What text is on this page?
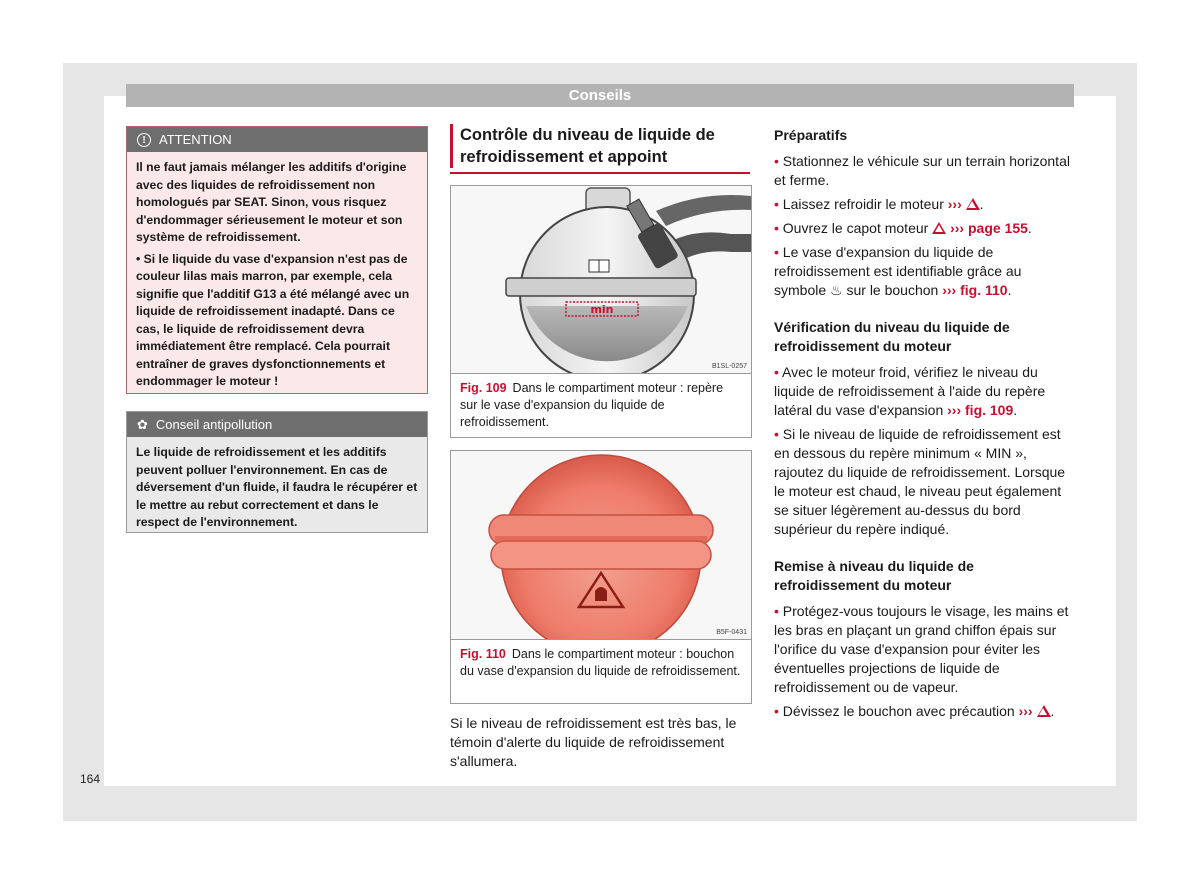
Conseils
!	ATTENTION

Il ne faut jamais mélanger les additifs d'origine avec des liquides de refroidissement non homologués par SEAT. Sinon, vous risquez d'endommager sérieusement le moteur et son système de refroidissement.

• Si le liquide du vase d'expansion n'est pas de couleur lilas mais marron, par exemple, cela signifie que l'additif G13 a été mélangé avec un liquide de refroidissement inadapté. Dans ce cas, le liquide de refroidissement devra immédiatement être remplacé. Cela pourrait entraîner de graves dysfonctionnements et endommager le moteur !

✿ Conseil antipollution

Le liquide de refroidissement et les additifs peuvent polluer l'environnement. En cas de déversement d'un fluide, il faudra le récupérer et le mettre au rebut correctement et dans le respect de l'environnement.

Contrôle du niveau de liquide de refroidissement et appoint
min
B1SL-0257
Fig. 109 Dans le compartiment moteur : repère sur le vase d'expansion du liquide de refroidissement.
B5F-0431
Fig. 110 Dans le compartiment moteur : bouchon du vase d'expansion du liquide de refroidissement.
Si le niveau de refroidissement est très bas, le témoin d'alerte du liquide de refroidissement s'allumera.
Préparatifs
• Stationnez le véhicule sur un terrain horizontal et ferme.
• Laissez refroidir le moteur ››› .
• Ouvrez le capot moteur ››› page 155.
• Le vase d'expansion du liquide de refroidissement est identifiable grâce au symbole ♨ sur le bouchon ››› fig. 110.
Vérification du niveau du liquide de refroidissement du moteur
• Avec le moteur froid, vérifiez le niveau du liquide de refroidissement à l'aide du repère latéral du vase d'expansion ››› fig. 109.
• Si le niveau de liquide de refroidissement est en dessous du repère minimum « MIN », rajoutez du liquide de refroidissement. Lorsque le moteur est chaud, le niveau peut également se situer légèrement au-dessus du bord supérieur du repère indiqué.
Remise à niveau du liquide de refroidissement du moteur
• Protégez-vous toujours le visage, les mains et les bras en plaçant un grand chiffon épais sur l'orifice du vase d'expansion pour éviter les éventuelles projections de liquide de refroidissement ou de vapeur.
• Dévissez le bouchon avec précaution ››› .
164
